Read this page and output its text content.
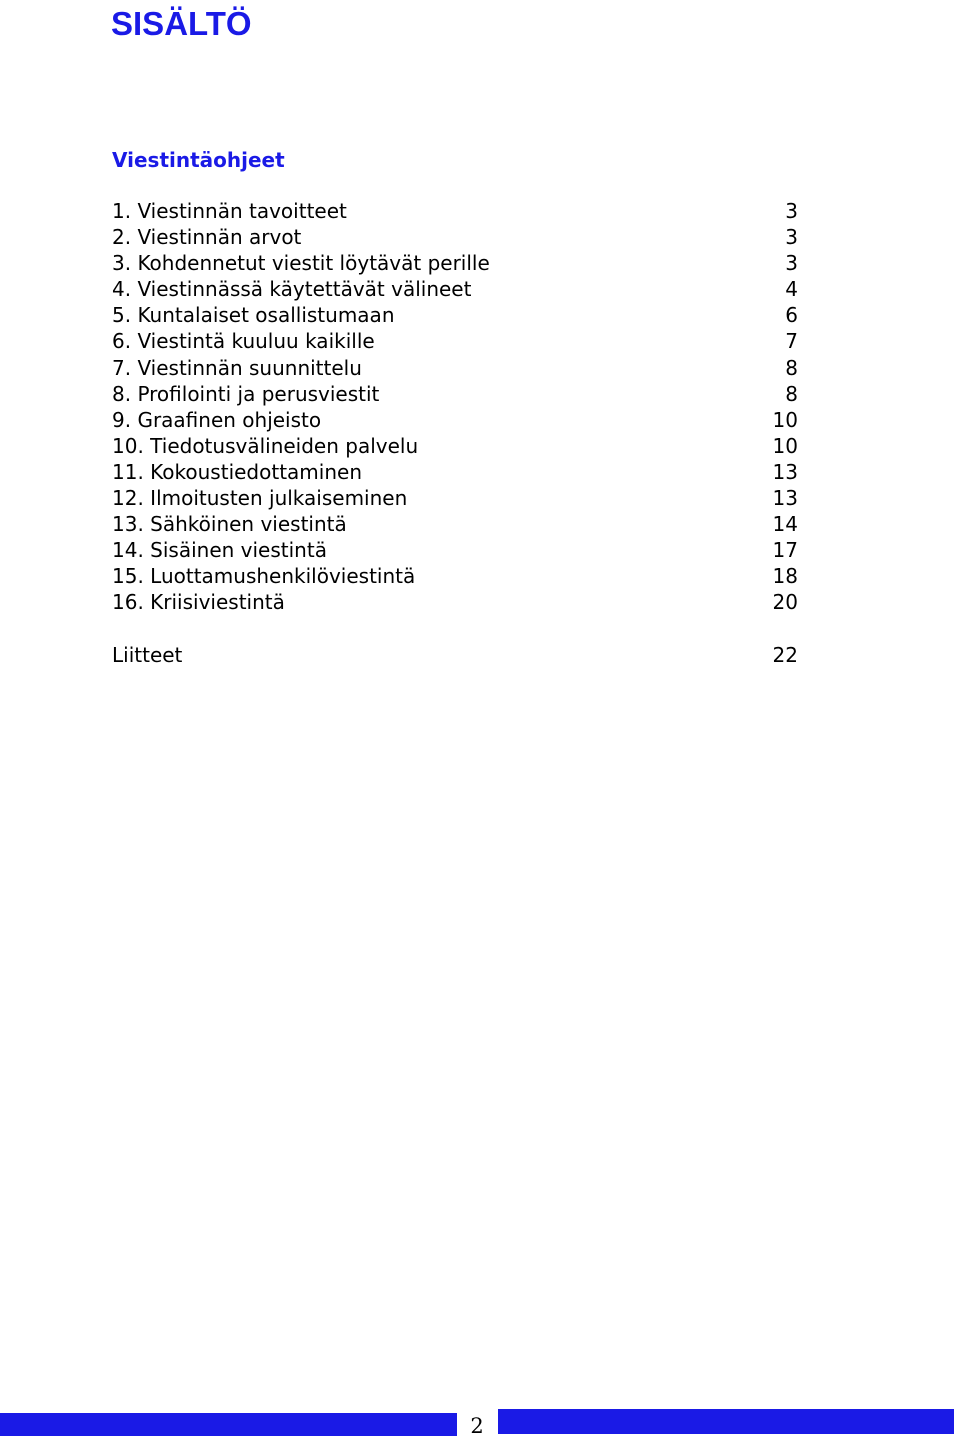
SISÄLTÖ
Viestintäohjeet
1. Viestinnän tavoitteet	3
2. Viestinnän arvot	3
3. Kohdennetut viestit löytävät perille	3
4. Viestinnässä käytettävät välineet	4
5. Kuntalaiset osallistumaan	6
6. Viestintä kuuluu kaikille	7
7. Viestinnän suunnittelu	8
8. Profilointi ja perusviestit	8
9. Graafinen ohjeisto	10
10. Tiedotusvälineiden palvelu	10
11. Kokoustiedottaminen	13
12. Ilmoitusten julkaiseminen	13
13. Sähköinen viestintä	14
14. Sisäinen viestintä	17
15. Luottamushenkilöviestintä	18
16. Kriisiviestintä	20
Liitteet	22
2
